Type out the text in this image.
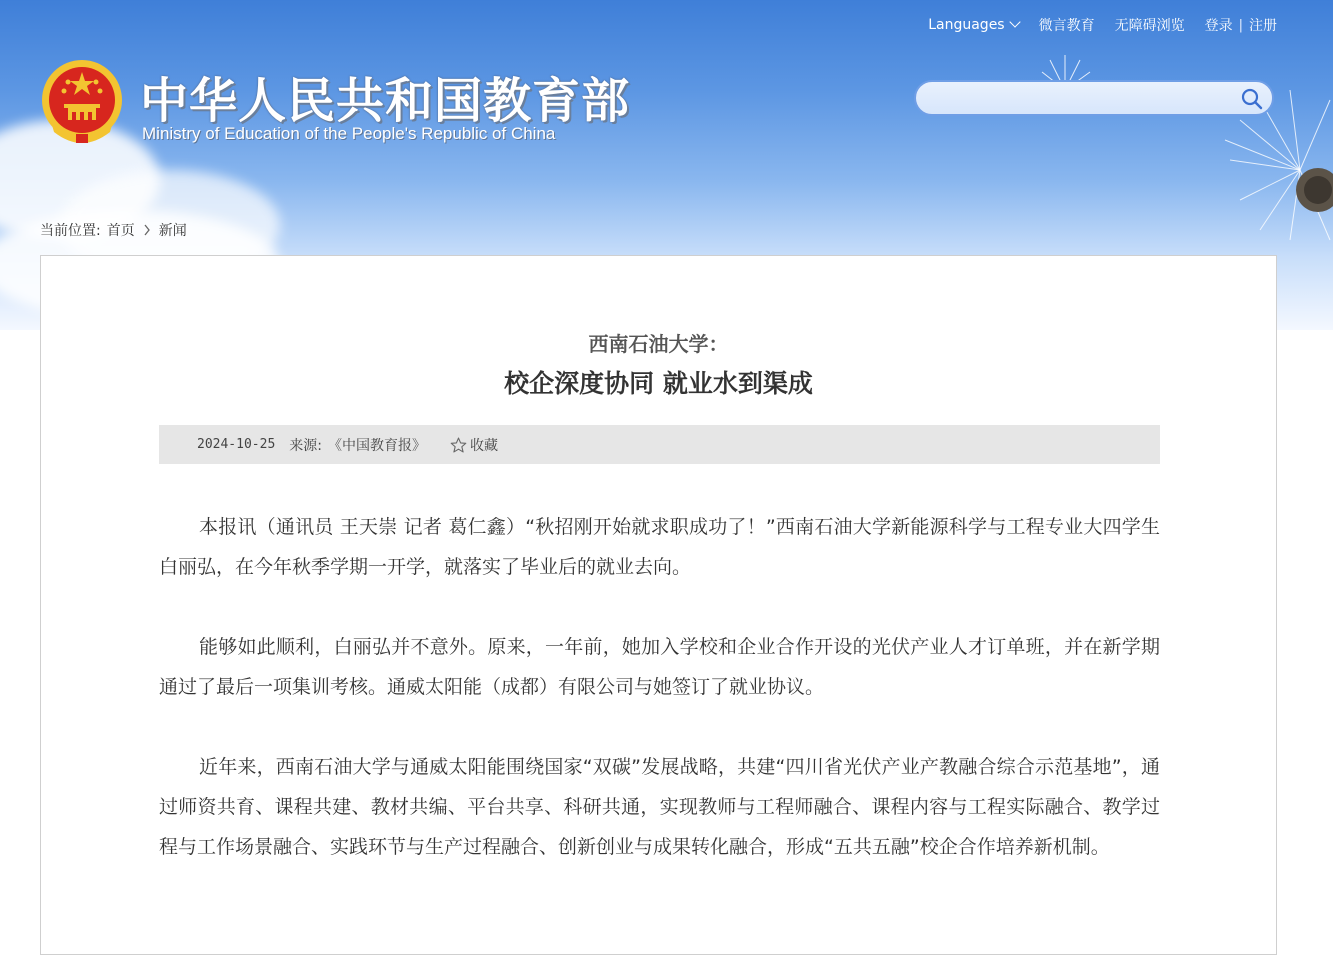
Languages	微言教育	无障碍浏览	登录 | 注册
中华人民共和国教育部
Ministry of Education of the People's Republic of China
当前位置: 首页 新闻
西南石油大学：
校企深度协同 就业水到渠成
2024-10-25 来源: 《中国教育报》	收藏

本报讯（通讯员 王天崇 记者 葛仁鑫）“秋招刚开始就求职成功了！”西南石油大学新能源科学与工程专业大四学生白丽弘，在今年秋季学期一开学，就落实了毕业后的就业去向。

能够如此顺利，白丽弘并不意外。原来，一年前，她加入学校和企业合作开设的光伏产业人才订单班，并在新学期通过了最后一项集训考核。通威太阳能（成都）有限公司与她签订了就业协议。

近年来，西南石油大学与通威太阳能围绕国家“双碳”发展战略，共建“四川省光伏产业产教融合综合示范基地”，通过师资共育、课程共建、教材共编、平台共享、科研共通，实现教师与工程师融合、课程内容与工程实际融合、教学过程与工作场景融合、实践环节与生产过程融合、创新创业与成果转化融合，形成“五共五融”校企合作培养新机制。
